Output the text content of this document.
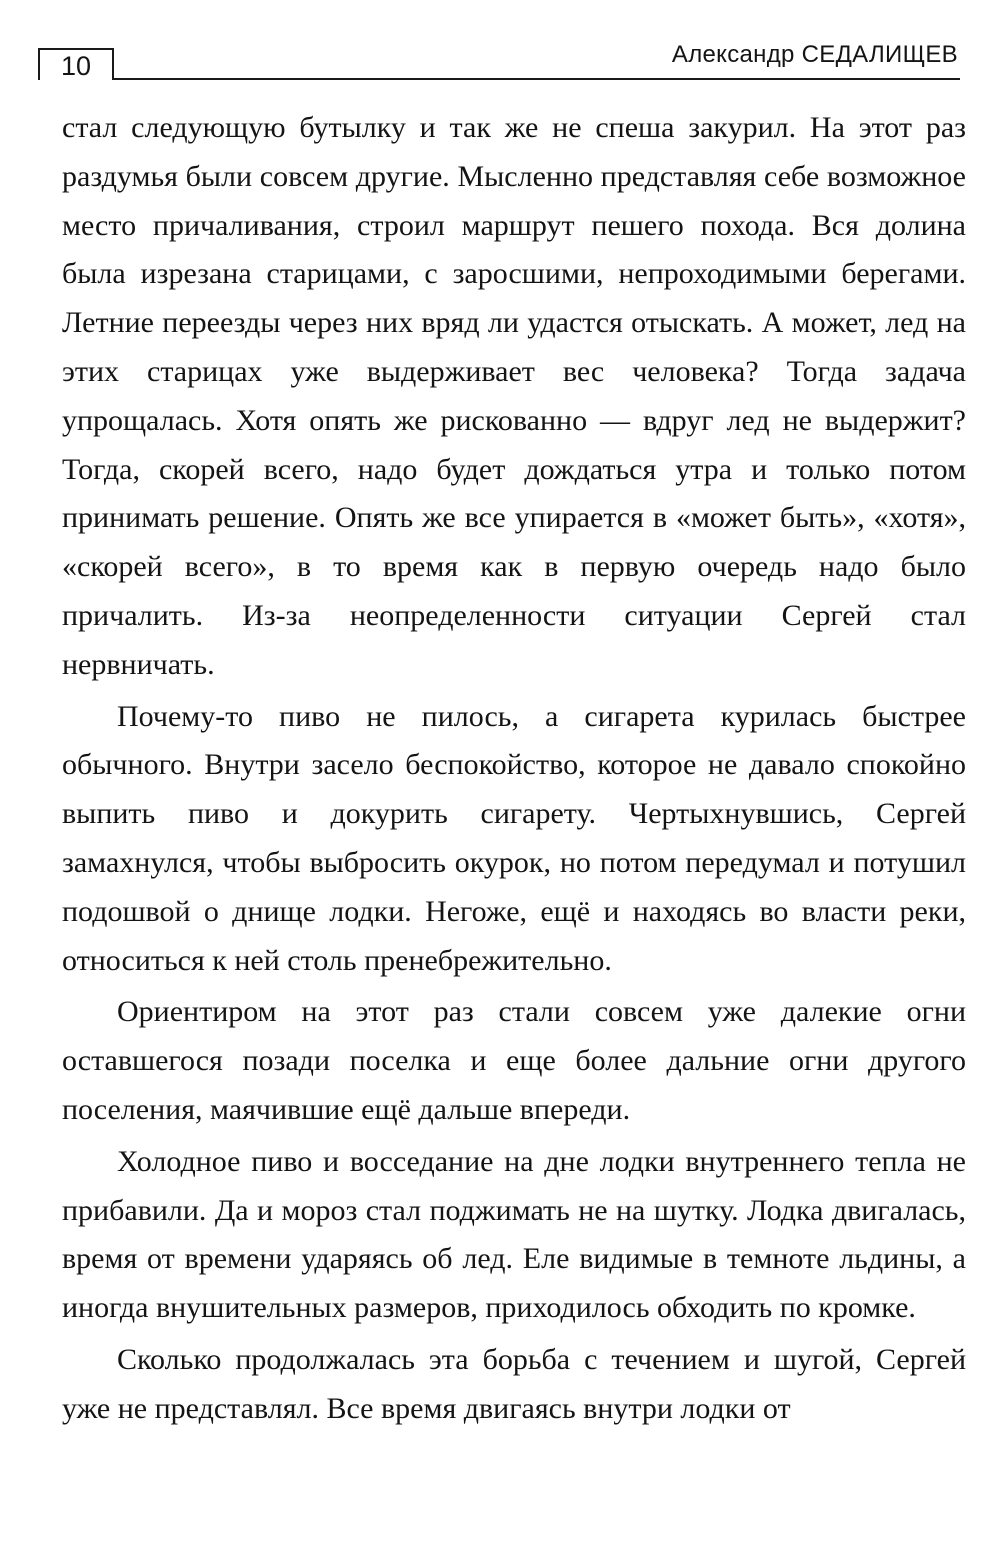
10	Александр СЕДАЛИЩЕВ

стал следующую бутылку и так же не спеша закурил. На этот раз раздумья были совсем другие. Мысленно представляя себе возможное место причаливания, строил маршрут пешего похода. Вся долина была изрезана старицами, с заросшими, непроходимыми берегами. Летние переезды через них вряд ли удастся отыскать. А может, лед на этих старицах уже выдерживает вес человека? Тогда задача упрощалась. Хотя опять же рискованно — вдруг лед не выдержит? Тогда, скорей всего, надо будет дождаться утра и только потом принимать решение. Опять же все упирается в «может быть», «хотя», «скорей всего», в то время как в первую очередь надо было причалить. Из-за неопределенности ситуации Сергей стал нервничать.

Почему-то пиво не пилось, а сигарета курилась быстрее обычного. Внутри засело беспокойство, которое не давало спокойно выпить пиво и докурить сигарету. Чертыхнувшись, Сергей замахнулся, чтобы выбросить окурок, но потом передумал и потушил подошвой о днище лодки. Негоже, ещё и находясь во власти реки, относиться к ней столь пренебрежительно.

Ориентиром на этот раз стали совсем уже далекие огни оставшегося позади поселка и еще более дальние огни другого поселения, маячившие ещё дальше впереди.

Холодное пиво и восседание на дне лодки внутреннего тепла не прибавили. Да и мороз стал поджимать не на шутку. Лодка двигалась, время от времени ударяясь об лед. Еле видимые в темноте льдины, а иногда внушительных размеров, приходилось обходить по кромке.

Сколько продолжалась эта борьба с течением и шугой, Сергей уже не представлял. Все время двигаясь внутри лодки от
